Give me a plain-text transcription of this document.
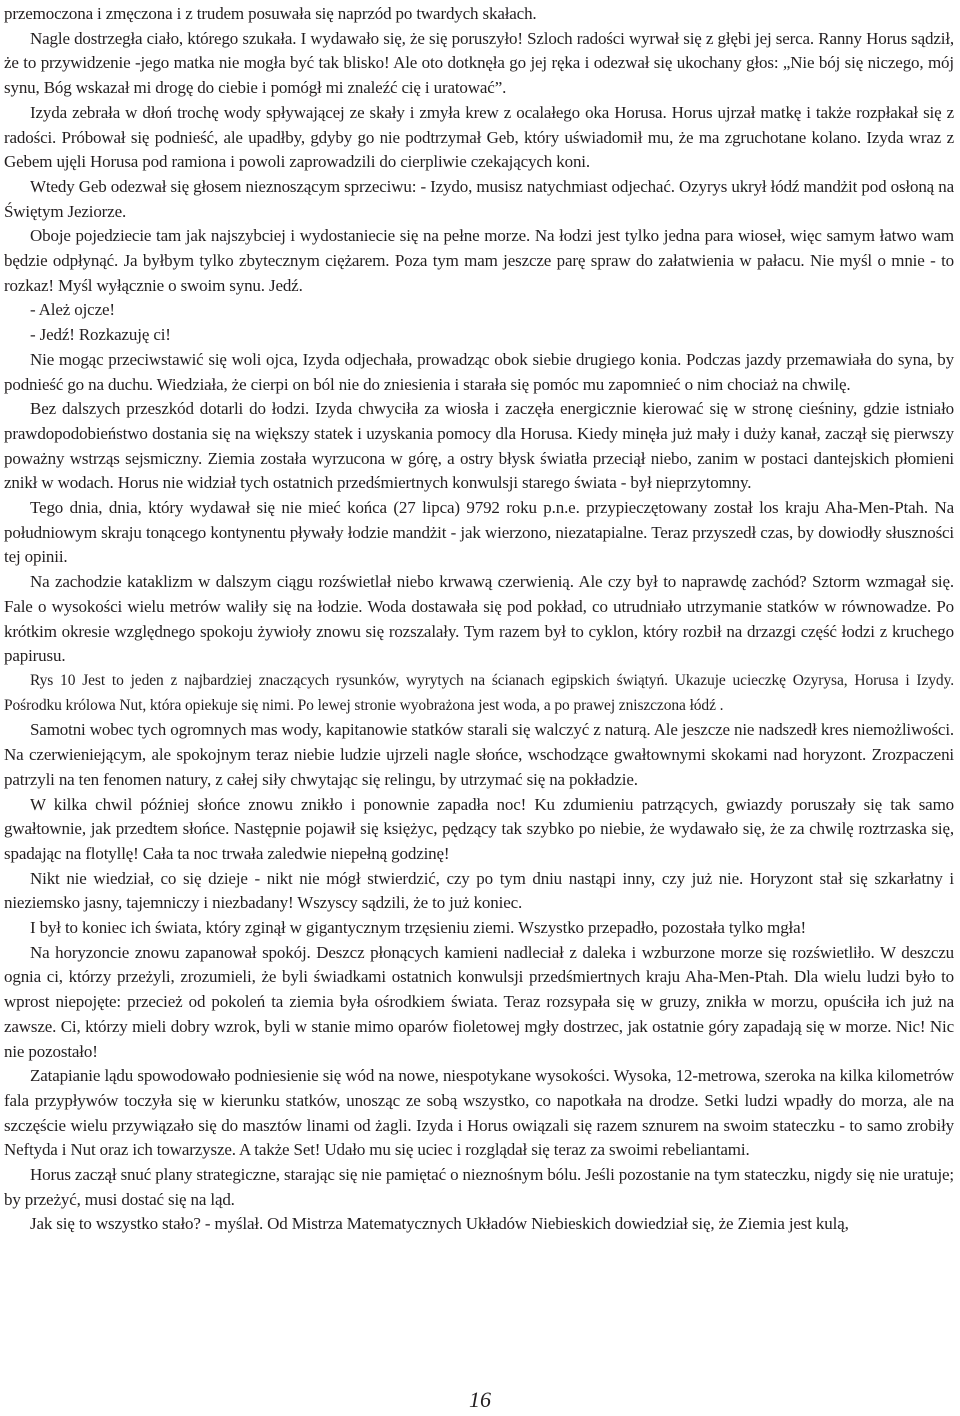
przemoczona i zmęczona i z trudem posuwała się naprzód po twardych skałach.

Nagle dostrzegła ciało, którego szukała. I wydawało się, że się poruszyło! Szloch radości wyrwał się z głębi jej serca. Ranny Horus sądził, że to przywidzenie -jego matka nie mogła być tak blisko! Ale oto dotknęła go jej ręka i odezwał się ukochany głos: „Nie bój się niczego, mój synu, Bóg wskazał mi drogę do ciebie i pomógł mi znaleźć cię i uratować”.

Izyda zebrała w dłoń trochę wody spływającej ze skały i zmyła krew z ocalałego oka Horusa. Horus ujrzał matkę i także rozpłakał się z radości. Próbował się podnieść, ale upadłby, gdyby go nie podtrzymał Geb, który uświadomił mu, że ma zgruchotane kolano. Izyda wraz z Gebem ujęli Horusa pod ramiona i powoli zaprowadzili do cierpliwie czekających koni.

Wtedy Geb odezwał się głosem nieznoszącym sprzeciwu: - Izydo, musisz natychmiast odjechać. Ozyrys ukrył łódź mandżit pod osłoną na Świętym Jeziorze.

Oboje pojedziecie tam jak najszybciej i wydostaniecie się na pełne morze. Na łodzi jest tylko jedna para wioseł, więc samym łatwo wam będzie odpłynąć. Ja byłbym tylko zbytecznym ciężarem. Poza tym mam jeszcze parę spraw do załatwienia w pałacu. Nie myśl o mnie - to rozkaz! Myśl wyłącznie o swoim synu. Jedź.

- Ależ ojcze!

- Jedź! Rozkazuję ci!

Nie mogąc przeciwstawić się woli ojca, Izyda odjechała, prowadząc obok siebie drugiego konia. Podczas jazdy przemawiała do syna, by podnieść go na duchu. Wiedziała, że cierpi on ból nie do zniesienia i starała się pomóc mu zapomnieć o nim chociaż na chwilę.

Bez dalszych przeszkód dotarli do łodzi. Izyda chwyciła za wiosła i zaczęła energicznie kierować się w stronę cieśniny, gdzie istniało prawdopodobieństwo dostania się na większy statek i uzyskania pomocy dla Horusa. Kiedy minęła już mały i duży kanał, zaczął się pierwszy poważny wstrząs sejsmiczny. Ziemia została wyrzucona w górę, a ostry błysk światła przeciął niebo, zanim w postaci dantejskich płomieni znikł w wodach. Horus nie widział tych ostatnich przedśmiertnych konwulsji starego świata - był nieprzytomny.

Tego dnia, dnia, który wydawał się nie mieć końca (27 lipca) 9792 roku p.n.e. przypieczętowany został los kraju Aha-Men-Ptah. Na południowym skraju tonącego kontynentu pływały łodzie mandżit - jak wierzono, niezatapialne. Teraz przyszedł czas, by dowiodły słuszności tej opinii.

Na zachodzie kataklizm w dalszym ciągu rozświetlał niebo krwawą czerwienią. Ale czy był to naprawdę zachód? Sztorm wzmagał się. Fale o wysokości wielu metrów waliły się na łodzie. Woda dostawała się pod pokład, co utrudniało utrzymanie statków w równowadze. Po krótkim okresie względnego spokoju żywioły znowu się rozszalały. Tym razem był to cyklon, który rozbił na drzazgi część łodzi z kruchego papirusu.

Rys 10 Jest to jeden z najbardziej znaczących rysunków, wyrytych na ścianach egipskich świątyń. Ukazuje ucieczkę Ozyrysa, Horusa i Izydy. Pośrodku królowa Nut, która opiekuje się nimi. Po lewej stronie wyobrażona jest woda, a po prawej zniszczona łódź .

Samotni wobec tych ogromnych mas wody, kapitanowie statków starali się walczyć z naturą. Ale jeszcze nie nadszedł kres niemożliwości. Na czerwieniejącym, ale spokojnym teraz niebie ludzie ujrzeli nagle słońce, wschodzące gwałtownymi skokami nad horyzont. Zrozpaczeni patrzyli na ten fenomen natury, z całej siły chwytając się relingu, by utrzymać się na pokładzie.

W kilka chwil później słońce znowu znikło i ponownie zapadła noc! Ku zdumieniu patrzących, gwiazdy poruszały się tak samo gwałtownie, jak przedtem słońce. Następnie pojawił się księżyc, pędzący tak szybko po niebie, że wydawało się, że za chwilę roztrzaska się, spadając na flotyllę! Cała ta noc trwała zaledwie niepełną godzinę!

Nikt nie wiedział, co się dzieje - nikt nie mógł stwierdzić, czy po tym dniu nastąpi inny, czy już nie. Horyzont stał się szkarłatny i nieziemsko jasny, tajemniczy i niezbadany! Wszyscy sądzili, że to już koniec.

I był to koniec ich świata, który zginął w gigantycznym trzęsieniu ziemi. Wszystko przepadło, pozostała tylko mgła!

Na horyzoncie znowu zapanował spokój. Deszcz płonących kamieni nadleciał z daleka i wzburzone morze się rozświetliło. W deszczu ognia ci, którzy przeżyli, zrozumieli, że byli świadkami ostatnich konwulsji przedśmiertnych kraju Aha-Men-Ptah. Dla wielu ludzi było to wprost niepojęte: przecież od pokoleń ta ziemia była ośrodkiem świata. Teraz rozsypała się w gruzy, znikła w morzu, opuściła ich już na zawsze. Ci, którzy mieli dobry wzrok, byli w stanie mimo oparów fioletowej mgły dostrzec, jak ostatnie góry zapadają się w morze. Nic! Nic nie pozostało!

Zatapianie lądu spowodowało podniesienie się wód na nowe, niespotykane wysokości. Wysoka, 12-metrowa, szeroka na kilka kilometrów fala przypływów toczyła się w kierunku statków, unosząc ze sobą wszystko, co napotkała na drodze. Setki ludzi wpadły do morza, ale na szczęście wielu przywiązało się do masztów linami od żagli. Izyda i Horus owiązali się razem sznurem na swoim stateczku - to samo zrobiły Neftyda i Nut oraz ich towarzysze. A także Set! Udało mu się uciec i rozglądał się teraz za swoimi rebeliantami.

Horus zaczął snuć plany strategiczne, starając się nie pamiętać o nieznośnym bólu. Jeśli pozostanie na tym stateczku, nigdy się nie uratuje; by przeżyć, musi dostać się na ląd.

Jak się to wszystko stało? - myślał. Od Mistrza Matematycznych Układów Niebieskich dowiedział się, że Ziemia jest kulą,

16
